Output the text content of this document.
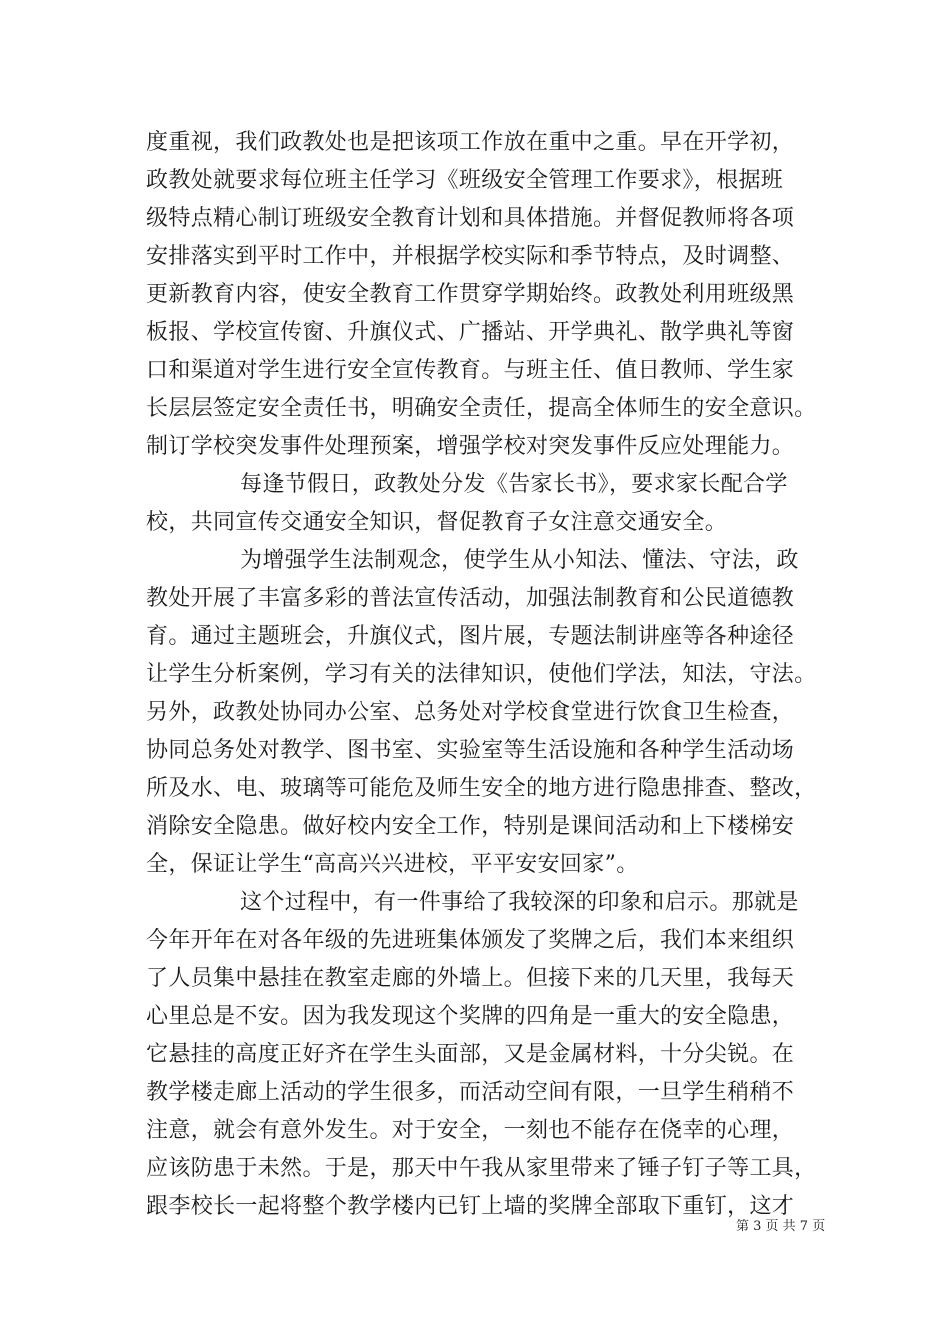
度重视，我们政教处也是把该项工作放在重中之重。早在开学初，
政教处就要求每位班主任学习《班级安全管理工作要求》，根据班
级特点精心制订班级安全教育计划和具体措施。并督促教师将各项
安排落实到平时工作中，并根据学校实际和季节特点，及时调整、
更新教育内容，使安全教育工作贯穿学期始终。政教处利用班级黑
板报、学校宣传窗、升旗仪式、广播站、开学典礼、散学典礼等窗
口和渠道对学生进行安全宣传教育。与班主任、值日教师、学生家
长层层签定安全责任书，明确安全责任，提高全体师生的安全意识。
制订学校突发事件处理预案，增强学校对突发事件反应处理能力。
每逢节假日，政教处分发《告家长书》，要求家长配合学
校，共同宣传交通安全知识，督促教育子女注意交通安全。
为增强学生法制观念，使学生从小知法、懂法、守法，政
教处开展了丰富多彩的普法宣传活动，加强法制教育和公民道德教
育。通过主题班会，升旗仪式，图片展，专题法制讲座等各种途径
让学生分析案例，学习有关的法律知识，使他们学法，知法，守法。
另外，政教处协同办公室、总务处对学校食堂进行饮食卫生检查，
协同总务处对教学、图书室、实验室等生活设施和各种学生活动场
所及水、电、玻璃等可能危及师生安全的地方进行隐患排查、整改，
消除安全隐患。做好校内安全工作，特别是课间活动和上下楼梯安
全，保证让学生“高高兴兴进校，平平安安回家”。
这个过程中，有一件事给了我较深的印象和启示。那就是
今年开年在对各年级的先进班集体颁发了奖牌之后，我们本来组织
了人员集中悬挂在教室走廊的外墙上。但接下来的几天里，我每天
心里总是不安。因为我发现这个奖牌的四角是一重大的安全隐患，
它悬挂的高度正好齐在学生头面部，又是金属材料，十分尖锐。在
教学楼走廊上活动的学生很多，而活动空间有限，一旦学生稍稍不
注意，就会有意外发生。对于安全，一刻也不能存在侥幸的心理，
应该防患于未然。于是，那天中午我从家里带来了锤子钉子等工具，
跟李校长一起将整个教学楼内已钉上墙的奖牌全部取下重钉，这才
第 3 页 共 7 页
